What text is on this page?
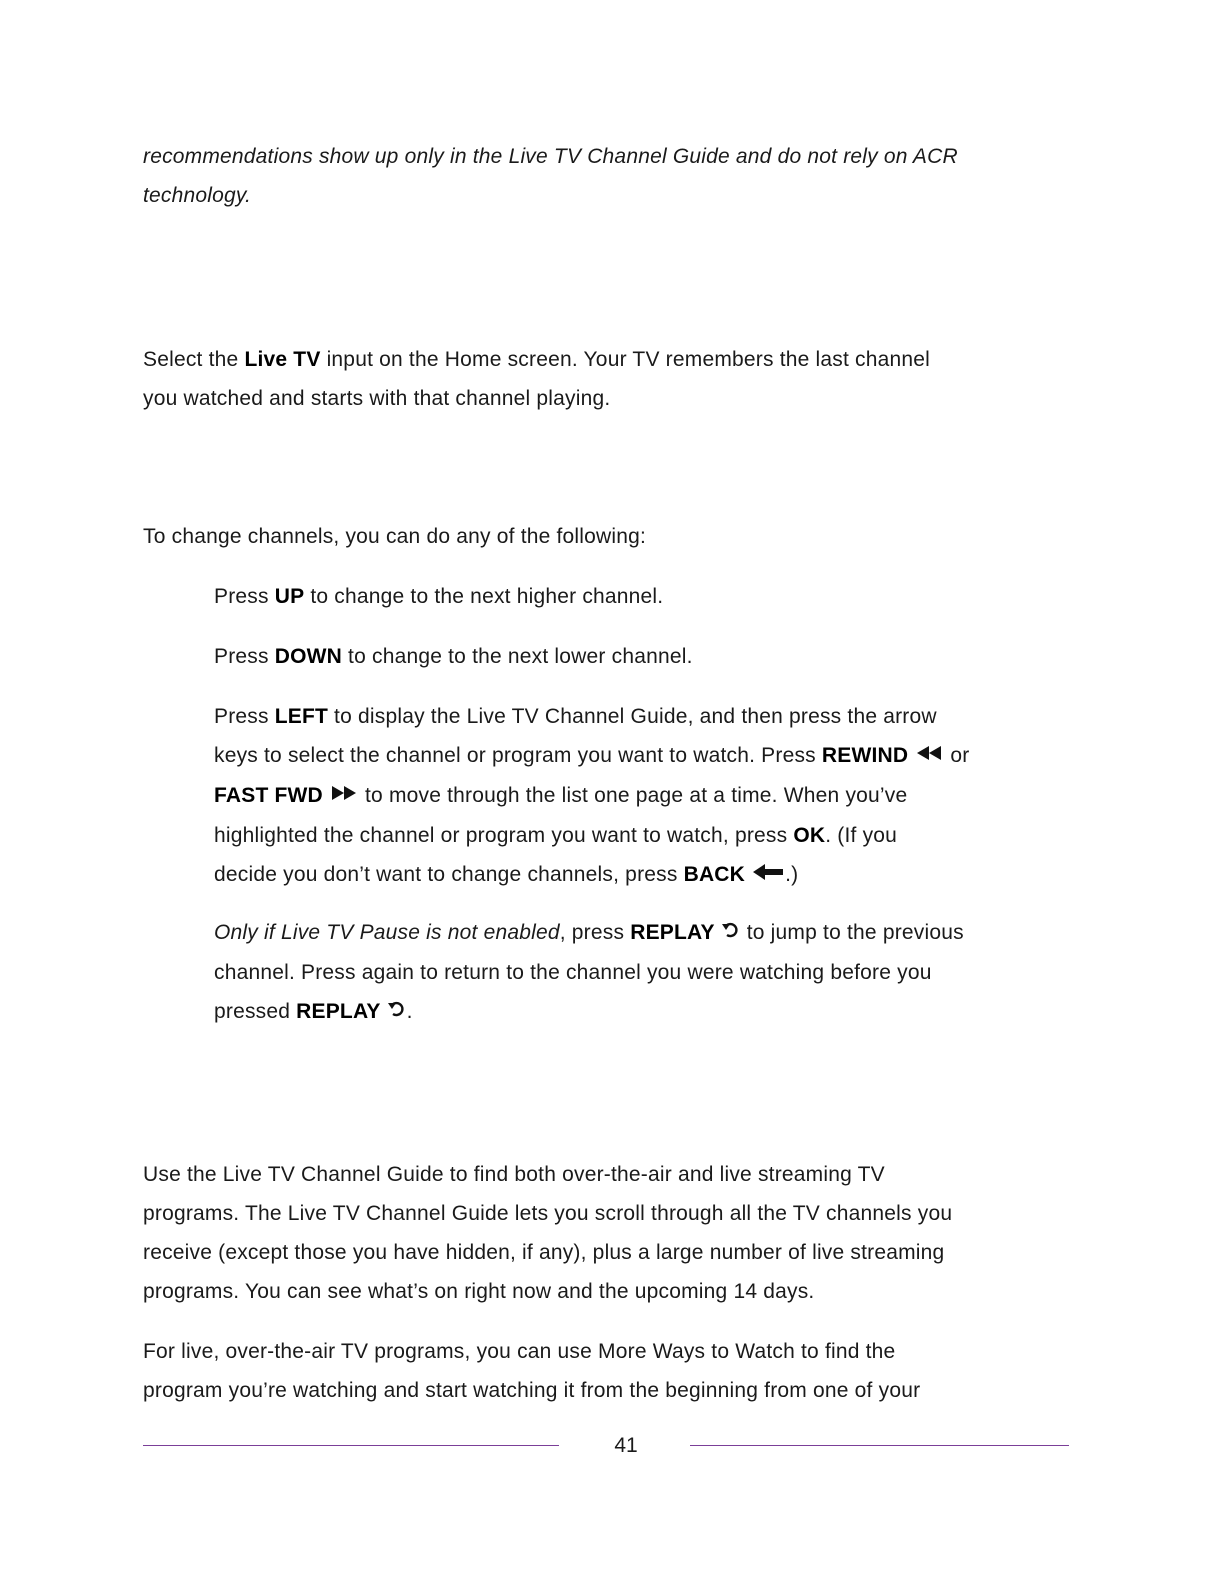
recommendations show up only in the Live TV Channel Guide and do not rely on ACR
technology.
Select the Live TV input on the Home screen. Your TV remembers the last channel
you watched and starts with that channel playing.
To change channels, you can do any of the following:
Press UP to change to the next higher channel.
Press DOWN to change to the next lower channel.
Press LEFT to display the Live TV Channel Guide, and then press the arrow
keys to select the channel or program you want to watch. Press REWIND  or
FAST FWD  to move through the list one page at a time. When you’ve
highlighted the channel or program you want to watch, press OK. (If you
decide you don’t want to change channels, press BACK .)
Only if Live TV Pause is not enabled, press REPLAY  to jump to the previous
channel. Press again to return to the channel you were watching before you
pressed REPLAY .
Use the Live TV Channel Guide to find both over-the-air and live streaming TV
programs. The Live TV Channel Guide lets you scroll through all the TV channels you
receive (except those you have hidden, if any), plus a large number of live streaming
programs. You can see what’s on right now and the upcoming 14 days.
For live, over-the-air TV programs, you can use More Ways to Watch to find the
program you’re watching and start watching it from the beginning from one of your
41
